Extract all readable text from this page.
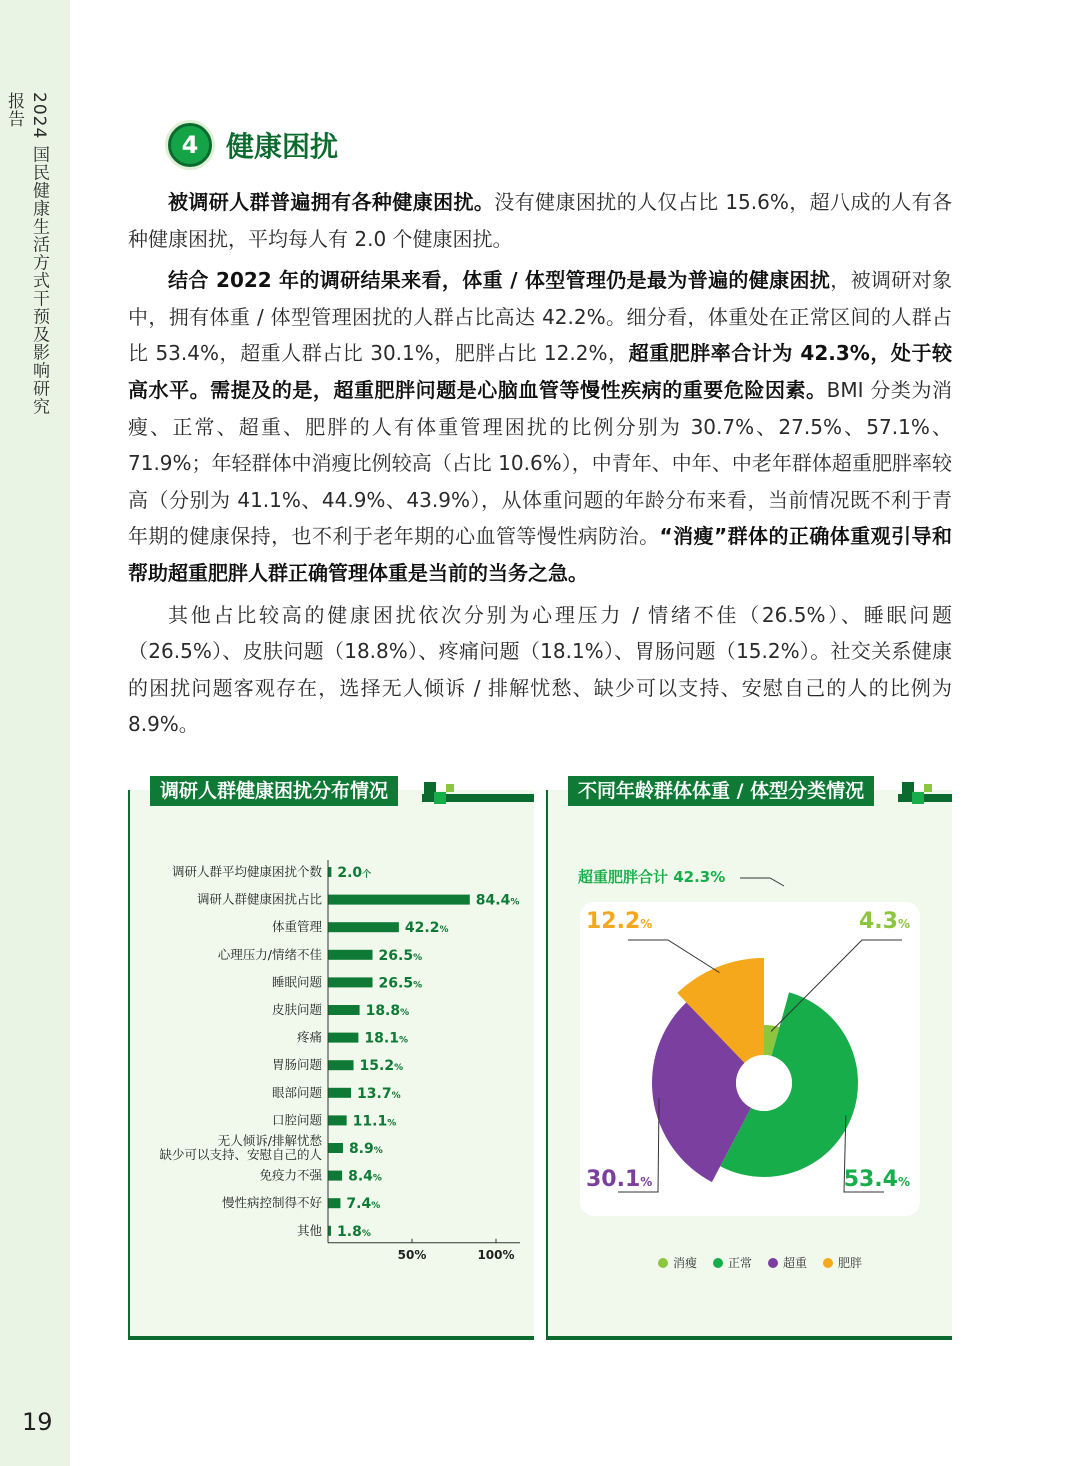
2024 国民健康生活方式干预及影响研究报告
19
4 健康困扰

被调研人群普遍拥有各种健康困扰。没有健康困扰的人仅占比 15.6%，超八成的人有各种健康困扰，平均每人有 2.0 个健康困扰。

结合 2022 年的调研结果来看，体重 / 体型管理仍是最为普遍的健康困扰，被调研对象中，拥有体重 / 体型管理困扰的人群占比高达 42.2%。细分看，体重处在正常区间的人群占比 53.4%，超重人群占比 30.1%，肥胖占比 12.2%，超重肥胖率合计为 42.3%，处于较高水平。需提及的是，超重肥胖问题是心脑血管等慢性疾病的重要危险因素。BMI 分类为消瘦、正常、超重、肥胖的人有体重管理困扰的比例分别为 30.7%、27.5%、57.1%、71.9%；年轻群体中消瘦比例较高（占比 10.6%），中青年、中年、中老年群体超重肥胖率较高（分别为 41.1%、44.9%、43.9%），从体重问题的年龄分布来看，当前情况既不利于青年期的健康保持，也不利于老年期的心血管等慢性病防治。“消瘦”群体的正确体重观引导和帮助超重肥胖人群正确管理体重是当前的当务之急。

其他占比较高的健康困扰依次分别为心理压力 / 情绪不佳（26.5%）、睡眠问题（26.5%）、皮肤问题（18.8%）、疼痛问题（18.1%）、胃肠问题（15.2%）。社交关系健康的困扰问题客观存在，选择无人倾诉 / 排解忧愁、缺少可以支持、安慰自己的人的比例为 8.9%。

调研人群健康困扰分布情况
调研人群平均健康困扰个数 2.0个
调研人群健康困扰占比	84.4%
体重管理	42.2%
心理压力/情绪不佳	26.5%
睡眠问题	26.5%
皮肤问题	18.8%
疼痛	18.1%
胃肠问题	15.2%
眼部问题	13.7%
口腔问题 11.1%
无人倾诉/排解忧愁
缺少可以支持、安慰自己的人 8.9%
免疫力不强 8.4%
慢性病控制得不好 7.4%
其他 1.8%
50%	100%
不同年龄群体体重 / 体型分类情况
超重肥胖合计 42.3%
4.3%
53.4%
30.1%
12.2%
消瘦	正常	超重	肥胖
